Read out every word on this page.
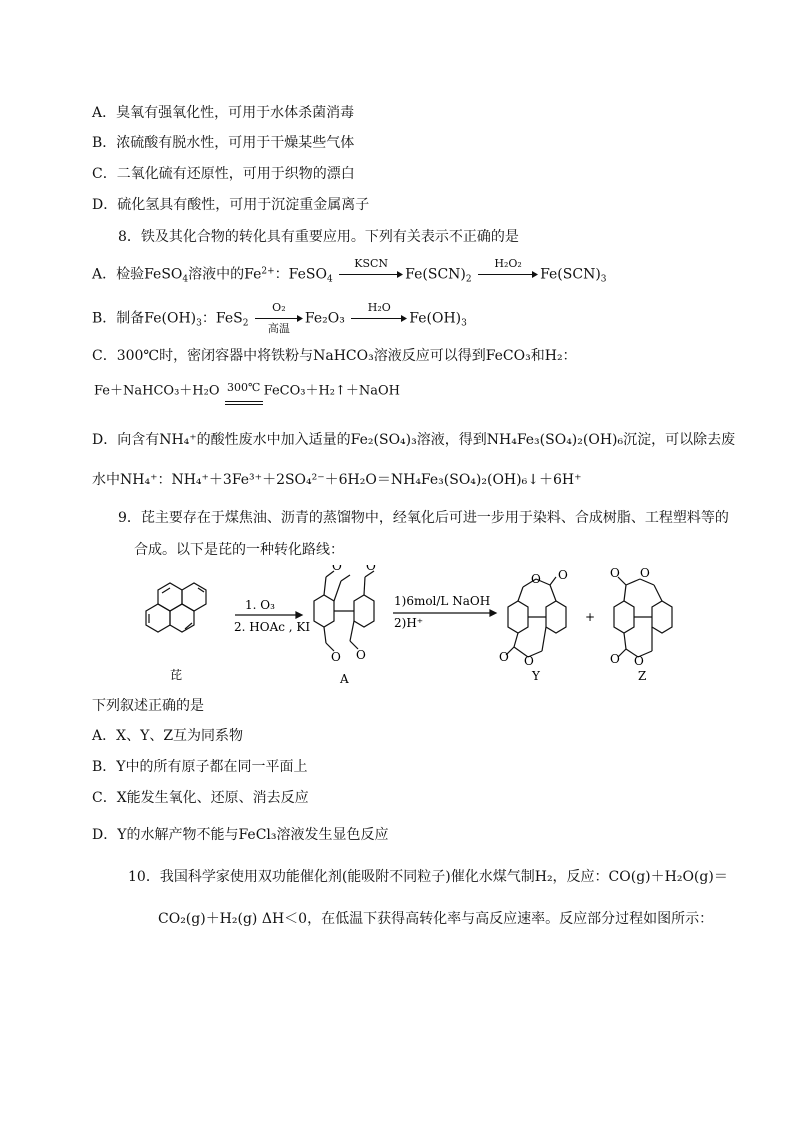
A．臭氧有强氧化性，可用于水体杀菌消毒
B．浓硫酸有脱水性，可用于干燥某些气体
C．二氧化硫有还原性，可用于织物的漂白
D．硫化氢具有酸性，可用于沉淀重金属离子
8．铁及其化合物的转化具有重要应用。下列有关表示不正确的是
A．检验FeSO$_4$溶液中的$Fe^{2+}$：FeSO$_4$
KSCN
$Fe(SCN)_2$
H₂O₂
$Fe(SCN)_3$
B．制备$Fe(OH)_3$：FeS$_2$
O₂
高温
Fe₂O₃
H₂O
$Fe(OH)_3$
C．300℃时，密闭容器中将铁粉与NaHCO₃溶液反应可以得到FeCO₃和H₂：
Fe＋NaHCO₃＋H₂O 300℃ FeCO₃＋H₂↑＋NaOH
D．向含有NH₄⁺的酸性废水中加入适量的Fe₂(SO₄)₃溶液，得到NH₄Fe₃(SO₄)₂(OH)₆沉淀，可以除去废
水中NH₄⁺：NH₄⁺＋3Fe³⁺＋2SO₄²⁻＋6H₂O＝NH₄Fe₃(SO₄)₂(OH)₆↓＋6H⁺
9．芘主要存在于煤焦油、沥青的蒸馏物中，经氧化后可进一步用于染料、合成树脂、工程塑料等的
合成。以下是芘的一种转化路线：
1. O₃
2. HOAc , KI
芘
O O
O O
A
1)6mol/L NaOH
2)H⁺
O O
O
O
Y
+
O O
O
O
Z
下列叙述正确的是
A．X、Y、Z互为同系物
B．Y中的所有原子都在同一平面上
C．X能发生氧化、还原、消去反应
D．Y的水解产物不能与FeCl₃溶液发生显色反应
10．我国科学家使用双功能催化剂(能吸附不同粒子)催化水煤气制H₂，反应：CO(g)＋H₂O(g)＝
CO₂(g)＋H₂(g) ΔH＜0，在低温下获得高转化率与高反应速率。反应部分过程如图所示：
